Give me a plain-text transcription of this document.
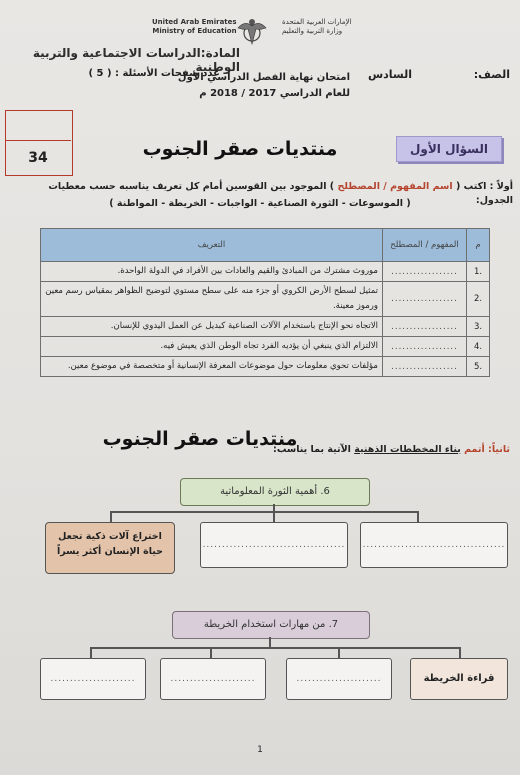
United Arab Emirates
Ministry of Education
الإمارات العربية المتحدة
وزارة التربية والتعليم
المادة:الدراسات الاجتماعية والتربية الوطنية
الصف:
السادس
امتحان نهاية الفصل الدراسي الأول
للعام الدراسي 2017 / 2018 م
عدد صفحات الأسئلة : ( 5 )
34	منتديات صقر الجنوب	السؤال الأول
أولاً : اكتب ( اسم المفهوم / المصطلح ) الموجود بين القوسين أمام كل تعريف يناسبه حسب معطيات الجدول:
( الموسوعات - الثورة الصناعية - الواجبات - الخريطة - المواطنة )
م	المفهوم / المصطلح	التعريف
.1	..................	موروث مشترك من المبادئ والقيم والعادات بين الأفراد في الدولة الواحدة.
.2	..................	تمثيل لسطح الأرض الكروي أو جزء منه على سطح مستوي لتوضيح الظواهر بمقياس رسم معين ورموز معينة.
.3	..................	الاتجاه نحو الإنتاج باستخدام الآلات الصناعية كبديل عن العمل اليدوي للإنسان.
.4	..................	الالتزام الذي ينبغي أن يؤديه الفرد تجاه الوطن الذي يعيش فيه.
.5	..................	مؤلفات تحوي معلومات حول موضوعات المعرفة الإنسانية أو متخصصة في موضوع معين.
منتديات صقر الجنوب	ثانياً: أتمم بناء المخططات الذهنية الآتية بما يناسب:
6. أهمية الثورة المعلوماتية
اختراع آلات ذكية تجعل
حياة الإنسان أكثر يسراً
..................................... .....................................
7. من مهارات استخدام الخريطة
......................	......................	......................	قراءة الخريطة
1
